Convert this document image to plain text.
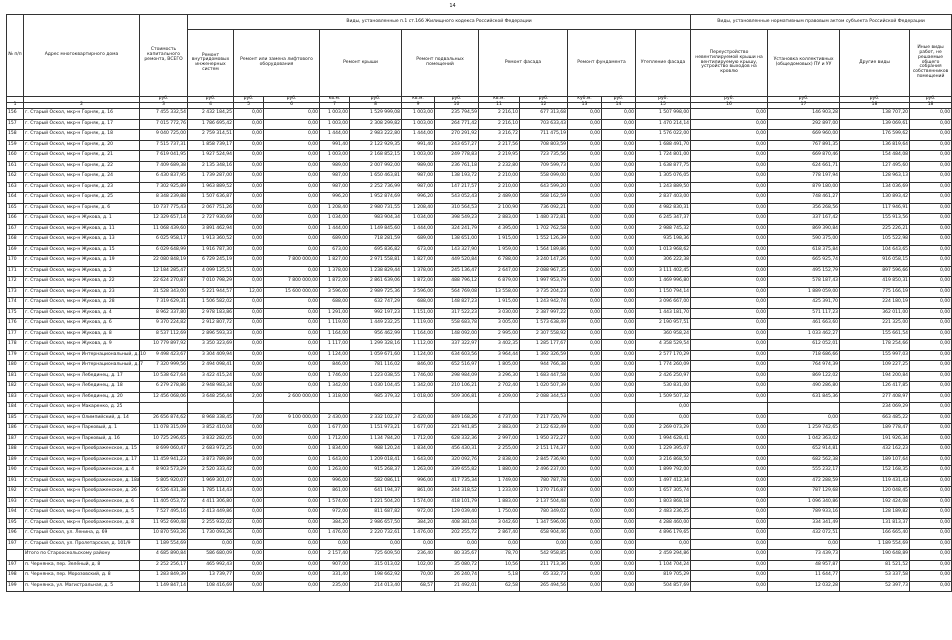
14
№ п/п	Адрес многоквартирного дома	Стоимость капитального ремонта, ВСЕГО	Виды, установленные п.1 ст.166 Жилищного кодекса Российской Федерации												Виды, установленные нормативным правовым актом субъекта Российской Федерации			
			Ремонт внутридомовых инженерных систем	Ремонт или замена лифтового оборудования		Ремонт крыши		Ремонт подвальных помещений		Ремонт фасада		Ремонт фундамента		Утепление фасада	Переустройство невентилируемой крыши на вентилируемую крышу, устройство выходов на кровлю	Установка коллективных (общедомовых) ПУ и УУ	Другие виды	Иные виды работ, не решаемые общего собрания собственников помещений
		руб.	руб.	руб.	руб.	кв.м.	руб.	кв.м.	руб.	кв.м.	руб.	куб.м.	руб.	руб.	руб.	руб.	руб.	руб.
1	2	3	4	5	6	7	8	9	10	11	12	13	14	15	16	17	18	18
156	г. Старый Оскол, мкр-н Горняк, д. 16	7 455 332,54	2 432 184,25	0,00	0,00	1 003,00	1 529 999,08	1 003,00	235 794,59	2 216,10	677 313,68	0,00	0,00	1 507 998,00	0,00	146 903,28	138 707,20	0,00
157	г. Старый Оскол, мкр-н Горняк, д. 17	7 015 772,76	1 786 695,42	0,00	0,00	1 003,00	2 308 299,82	1 003,00	264 771,42	2 216,10	703 633,43	0,00	0,00	1 470 214,14	0,00	292 897,00	139 069,61	0,00
158	г. Старый Оскол, мкр-н Горняк, д. 18	9 040 725,00	2 759 314,51	0,00	0,00	1 444,00	2 983 222,80	1 444,00	270 291,92	3 216,72	711 475,19	0,00	0,00	1 576 022,00	0,00	669 960,00	176 599,62	0,00
159	г. Старый Оскол, мкр-н Горняк, д. 20	7 515 737,31	1 858 739,17	0,00	0,00	991,40	2 122 929,35	991,40	243 657,27	2 217,56	708 803,59	0,00	0,00	1 688 491,70	0,00	767 891,35	136 819,64	0,00
160	г. Старый Оскол, мкр-н Горняк, д. 21	7 619 041,95	1 927 524,94	0,00	0,00	1 003,00	2 168 852,15	1 003,00	249 778,83	2 219,95	723 735,56	0,00	0,00	1 724 801,00	0,00	669 870,46	154 484,08	0,00
161	г. Старый Оскол, мкр-н Горняк, д. 22	7 409 689,38	2 135 348,16	0,00	0,00	989,00	2 007 992,00	989,00	236 761,18	2 232,80	709 599,73	0,00	0,00	1 638 877,75	0,00	624 661,71	127 495,60	0,00
162	г. Старый Оскол, мкр-н Горняк, д. 24	6 430 837,95	1 739 287,00	0,00	0,00	987,00	1 650 463,81	987,00	138 193,72	2 210,00	558 099,00	0,00	0,00	1 305 076,05	0,00	778 197,94	128 963,13	0,00
163	г. Старый Оскол, мкр-н Горняк, д. 23	7 302 925,89	1 963 889,52	0,00	0,00	987,00	2 252 736,99	987,00	147 217,57	2 210,00	643 599,20	0,00	0,00	1 243 889,50	0,00	879 180,00	134 036,69	0,00
164	г. Старый Оскол, мкр-н Горняк, д. 25	8 348 239,88	1 507 636,87	0,00	0,00	996,20	1 952 874,69	996,20	543 052,43	2 489,00	568 162,59	0,00	0,00	2 837 403,00	0,00	748 461,27	130 893,42	0,00
165	г. Старый Оскол, мкр-н Горняк, д. 6	10 737 775,43	2 067 751,26	0,00	0,00	1 208,40	2 980 731,55	1 208,40	310 564,53	2 100,90	736 092,21	0,00	0,00	4 982 830,31	0,00	356 268,56	117 946,91	0,00
166	г. Старый Оскол, мкр-н Жукова, д. 1	12 329 657,14	2 727 930,69	0,00	0,00	1 034,00	983 904,34	1 034,00	398 549,23	2 883,00	1 480 372,81	0,00	0,00	6 245 347,37	0,00	337 167,42	155 913,56	0,00
167	г. Старый Оскол, мкр-н Жукова, д. 11	11 068 439,60	3 891 462,94	0,00	0,00	1 444,00	1 149 845,60	1 444,00	324 241,79	4 395,00	1 702 762,58	0,00	0,00	2 988 745,32	0,00	869 390,84	225 226,21	0,00
168	г. Старый Оскол, мкр-н Жукова, д. 13	6 025 958,17	1 913 360,52	0,00	0,00	689,00	718 281,59	689,00	138 651,00	1 915,00	1 552 126,39	0,00	0,00	935 198,36	0,00	590 375,00	105 522,98	0,00
169	г. Старый Оскол, мкр-н Жукова, д. 15	6 029 648,99	1 916 787,30	0,00	0,00	673,00	695 836,82	673,00	143 327,90	1 959,00	1 564 189,86	0,00	0,00	1 013 968,62	0,00	618 375,84	104 643,65	0,00
170	г. Старый Оскол, мкр-н Жукова, д. 19	22 080 848,19	6 729 245,19	0,00	7 800 000,00	1 827,00	2 971 558,81	1 827,00	449 520,84	6 788,00	3 240 147,26	0,00	0,00	306 222,38	0,00	665 925,74	916 058,15	0,00
171	г. Старый Оскол, мкр-н Жукова, д. 2	12 184 285,47	4 099 125,51	0,00	0,00	1 378,00	1 238 829,44	1 378,00	245 136,47	2 647,00	2 088 967,35	0,00	0,00	3 111 402,45	0,00	495 152,79	897 596,66	0,00
172	г. Старый Оскол, мкр-н Жукова, д. 22	22 624 270,87	7 010 798,29	0,00	7 800 000,00	1 872,00	2 861 639,06	1 872,00	488 796,12	6 879,00	1 997 953,79	0,00	0,00	1 469 996,80	0,00	578 187,43	419 850,31	0,00
173	г. Старый Оскол, мкр-н Жукова, д. 23	31 528 343,00	5 221 944,57	12,00	15 600 000,00	3 596,00	2 989 725,36	3 596,00	564 769,08	13 558,00	3 735 204,23	0,00	0,00	1 150 794,14	0,00	1 889 059,00	775 166,19	0,00
174	г. Старый Оскол, мкр-н Жукова, д. 28	7 319 629,31	1 506 582,02	0,00	0,00	688,00	632 747,29	688,00	148 827,23	1 915,00	1 243 942,74	0,00	0,00	3 096 667,00	0,00	425 391,70	224 180,19	0,00
175	г. Старый Оскол, мкр-н Жукова, д. 4	8 962 337,80	2 978 183,86	0,00	0,00	1 291,00	992 197,23	1 151,00	317 522,23	3 030,00	2 387 997,22	0,00	0,00	1 443 181,70	0,00	571 117,23	362 011,00	0,00
176	г. Старый Оскол, мкр-н Жукова, д. 6	9 370 224,82	2 912 807,72	0,00	0,00	1 119,00	1 449 232,25	1 119,00	558 683,78	3 005,00	1 573 638,49	0,00	0,00	2 190 957,51	0,00	461 663,60	221 325,00	0,00
177	г. Старый Оскол, мкр-н Жукова, д. 8	8 537 112,69	2 896 593,33	0,00	0,00	1 164,00	956 462,99	1 164,00	148 092,00	2 995,00	2 307 558,92	0,00	0,00	360 958,24	0,00	1 033 462,27	155 661,54	0,00
178	г. Старый Оскол, мкр-н Жукова, д. 9	10 779 897,92	3 350 323,69	0,00	0,00	1 117,00	1 299 328,16	1 112,00	337 322,97	3 402,35	1 285 177,67	0,00	0,00	4 358 529,54	0,00	612 052,01	178 254,66	0,00
179	г. Старый Оскол, мкр-н Интернациональный, д. 10	9 498 423,67	3 304 409,94	0,00	0,00	1 124,00	1 059 671,60	1 124,00	634 603,56	3 964,44	1 392 326,59	0,00	0,00	2 577 170,29	0,00	718 686,66	155 997,03	0,00
180	г. Старый Оскол, мкр-н Интернациональный, д. 7	7 320 999,56	2 494 098,41	0,00	0,00	846,00	781 116,02	846,00	652 516,97	1 805,00	944 766,38	0,00	0,00	1 774 260,09	0,00	764 974,39	109 227,25	0,00
181	г. Старый Оскол, мкр-н Лебединец, д. 17	10 538 627,64	3 422 415,24	0,00	0,00	1 746,00	1 223 038,55	1 746,00	298 984,09	3 296,30	1 683 447,58	0,00	0,00	2 426 250,97	0,00	869 122,02	194 200,84	0,00
182	г. Старый Оскол, мкр-н Лебединец, д. 18	6 279 278,86	2 948 983,34	0,00	0,00	1 342,00	1 030 104,45	1 342,00	210 106,21	2 702,40	1 020 507,39	0,00	0,00	530 831,00	0,00	490 286,80	126 417,85	0,00
183	г. Старый Оскол, мкр-н Лебединец, д. 20	12 456 068,06	3 648 256,44	2,00	2 600 000,00	1 318,00	985 379,32	1 018,00	509 306,81	4 209,00	2 088 344,53	0,00	0,00	1 509 507,32	0,00	631 845,36	277 408,97	0,00
184	г. Старый Оскол, мкр-н Макаренко, д. 25													0,00			234 069,29	0,00
185	г. Старый Оскол, мкр-н Олимпийский, д. 14	26 656 874,62	8 968 338,45	7,00	9 100 000,00	2 430,00	2 332 102,37	2 420,00	849 168,26	4 737,00	7 217 720,79	0,00	0,00	0,00	0,00	0,00	663 485,22	0,00
186	г. Старый Оскол, мкр-н Парковый, д. 1	11 078 315,09	3 852 410,04	0,00	0,00	1 677,00	1 151 973,21	1 677,00	221 941,85	2 883,00	2 122 632,49	0,00	0,00	2 269 073,29	0,00	1 259 742,65	189 778,47	0,00
187	г. Старый Оскол, мкр-н Парковый, д. 16	10 725 296,65	3 832 282,05	0,00	0,00	1 712,00	1 134 784,20	1 712,00	628 332,36	2 997,00	1 950 372,27	0,00	0,00	1 994 628,41	0,00	1 042 363,02	191 926,34	0,00
188	г. Старый Оскол, мкр-н Преображенское, д. 15	8 699 060,47	2 683 972,25	0,00	0,00	1 834,00	988 120,24	1 834,00	456 430,31	2 255,00	2 151 174,37	0,00	0,00	1 229 395,07	0,00	652 914,81	432 162,23	0,00
189	г. Старый Оскол, мкр-н Преображенское, д. 17	11 459 941,23	3 873 789,89	0,00	0,00	1 643,00	1 209 018,41	1 643,00	320 092,76	2 838,00	2 845 736,90	0,00	0,00	3 216 868,50	0,00	682 562,38	189 107,64	0,00
190	г. Старый Оскол, мкр-н Преображенское, д. 4	8 903 573,29	2 520 333,42	0,00	0,00	1 263,00	915 268,37	1 263,00	339 655,82	1 880,00	2 496 237,00	0,00	0,00	1 899 792,00	0,00	555 232,17	152 168,35	0,00
191	г. Старый Оскол, мкр-н Преображенское, д. 18а	5 805 920,07	1 969 301,07	0,00	0,00	996,00	582 086,11	996,00	417 735,34	1 749,00	780 787,78	0,00	0,00	1 497 412,34	0,00	472 288,59	119 431,43	0,00
192	г. Старый Оскол, мкр-н Преображенское, д. 26	6 526 431,38	1 785 114,43	0,00	0,00	861,00	641 194,37	861,00	244 318,52	1 233,00	1 270 716,87	0,00	0,00	1 657 305,74	0,00	787 129,68	120 048,45	0,00
193	г. Старый Оскол, мкр-н Преображенское, д. 6	11 405 053,72	4 411 306,80	0,00	0,00	1 574,00	1 221 504,20	1 574,00	418 101,79	1 883,00	2 137 504,48	0,00	0,00	1 803 868,18	0,00	1 096 340,86	192 424,08	0,00
194	г. Старый Оскол, мкр-н Преображенское, д. 5	7 527 495,16	2 413 449,86	0,00	0,00	972,00	811 687,82	972,00	129 039,40	1 750,00	780 349,02	0,00	0,00	2 483 236,25	0,00	789 933,16	128 189,82	0,00
195	г. Старый Оскол, мкр-н Преображенское, д. 8	11 952 690,48	2 255 932,02	0,00	0,00	384,20	2 986 657,50	384,20	408 381,04	3 042,60	1 347 596,06	0,00	0,00	4 288 460,00	0,00	334 341,49	131 813,37	0,00
196	г. Старый Оскол, ул. Ленина, д. 69	10 870 593,26	1 730 093,26	0,00	0,00	1 476,00	2 220 732,61	1 476,00	202 255,72	2 867,40	658 904,46	0,00	0,00	4 896 179,65	0,00	432 072,51	166 665,40	0,00
197	г. Старый Оскол, ул. Пролетарская, д. 101/9	1 189 554,69	0,00	0,00	0,00	0,00	0,00	0,00	0,00	0,00	0,00	0,00	0,00	0,00	0,00	0,00	1 189 554,69	0,00
	Итого по Старооскольскому району	4 685 890,84	586 680,09	0,00	0,00	2 157,40	725 609,50	236,40	80 335,67	78,70	542 958,85	0,00	0,00	2 459 294,86	0,00	73 439,73	190 648,89	0,00
197	п. Чернянка, пер. Зелёный, д. 8	2 252 256,17	465 992,43	0,00	0,00	907,00	315 013,02	102,00	35 080,72	10,56	211 713,36	0,00	0,00	1 104 704,24	0,00	48 957,87	81 521,52	0,00
198	п. Чернянка, пер. Морозовский, д. 8	1 283 849,39	13 739,77	0,00	0,00	331,40	198 662,92	70,00	26 240,74	5,18	65 332,73	0,00	0,00	819 705,29	0,00	11 644,77	53 337,58	0,00
199	п. Чернянка, ул. Магистральная, д. 5	1 149 847,14	108 416,69	0,00	0,00	235,00	214 013,40	68,57	21 492,01	62,58	265 494,56	0,00	0,00	504 857,69	0,00	12 032,28	52 397,73	0,00
